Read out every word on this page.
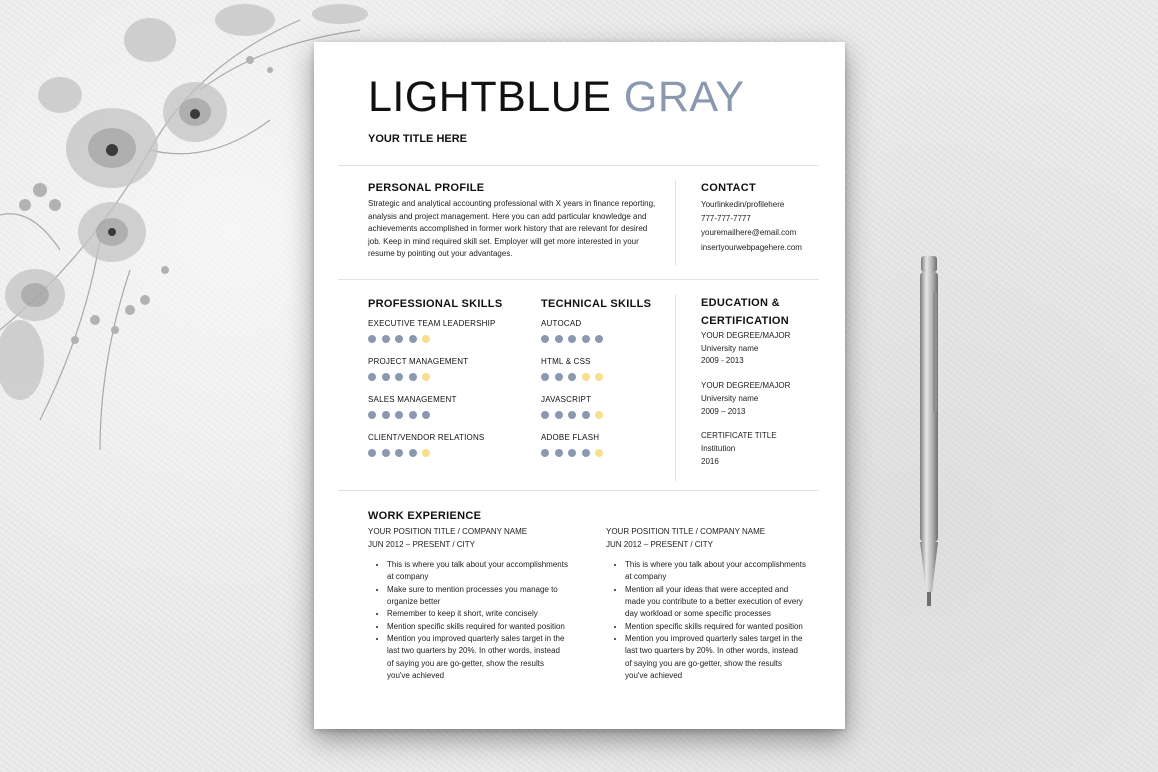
LIGHTBLUE GRAY
YOUR TITLE HERE
PERSONAL PROFILE
Strategic and analytical accounting professional with X years in finance reporting, analysis and project management. Here you can add particular knowledge and achievements accomplished in former work history that are relevant for desired job. Keep in mind required skill set. Employer will get more interested in your resume by pointing out your advantages.
CONTACT
Yourlinkedin/profilehere
777-777-7777
youremailhere@email.com
insertyourwebpagehere.com
PROFESSIONAL SKILLS
EXECUTIVE TEAM LEADERSHIP
PROJECT MANAGEMENT
SALES MANAGEMENT
CLIENT/VENDOR RELATIONS
TECHNICAL SKILLS
AUTOCAD
HTML & CSS
JAVASCRIPT
ADOBE FLASH
EDUCATION &
CERTIFICATION
YOUR DEGREE/MAJOR
University name
2009 - 2013
YOUR DEGREE/MAJOR
University name
2009 – 2013
CERTIFICATE TITLE
Institution
2016
WORK EXPERIENCE
YOUR POSITION TITLE / COMPANY NAME
JUN 2012 – PRESENT / CITY
• This is where you talk about your accomplishments at company
• Make sure to mention processes you manage to organize better
• Remember to keep it short, write concisely
• Mention specific skills required for wanted position
• Mention you improved quarterly sales target in the last two quarters by 20%. In other words, instead of saying you are go-getter, show the results you've achieved
YOUR POSITION TITLE / COMPANY NAME
JUN 2012 – PRESENT / CITY
• This is where you talk about your accomplishments at company
• Mention all your ideas that were accepted and made you contribute to a better execution of every day workload or some specific processes
• Mention specific skills required for wanted position
• Mention you improved quarterly sales target in the last two quarters by 20%. In other words, instead of saying you are go-getter, show the results you've achieved
